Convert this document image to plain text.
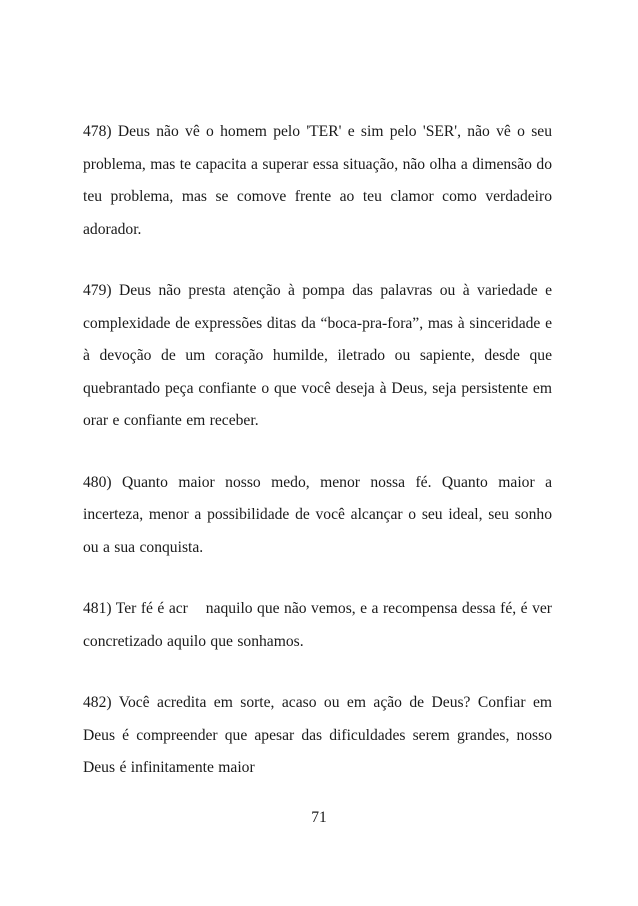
478) Deus não vê o homem pelo 'TER' e sim pelo 'SER', não vê o seu problema, mas te capacita a superar essa situação, não olha a dimensão do teu problema, mas se comove frente ao teu clamor como verdadeiro adorador.

479) Deus não presta atenção à pompa das palavras ou à variedade e complexidade de expressões ditas da “boca-pra-fora”, mas à sinceridade e à devoção de um coração humilde, iletrado ou sapiente, desde que quebrantado peça confiante o que você deseja à Deus, seja persistente em orar e confiante em receber.

480) Quanto maior nosso medo, menor nossa fé. Quanto maior a incerteza, menor a possibilidade de você alcançar o seu ideal, seu sonho ou a sua conquista.

481) Ter fé é acr    naquilo que não vemos, e a recompensa dessa fé, é ver concretizado aquilo que sonhamos.

482) Você acredita em sorte, acaso ou em ação de Deus? Confiar em Deus é compreender que apesar das dificuldades serem grandes, nosso Deus é infinitamente maior

71
